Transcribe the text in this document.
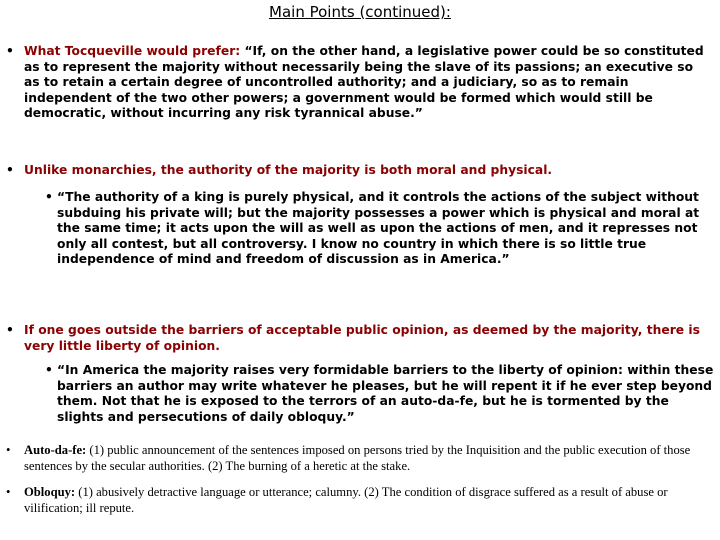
Main Points (continued):
• What Tocqueville would prefer: “If, on the other hand, a legislative power could be so constituted as to represent the majority without necessarily being the slave of its passions; an executive so as to retain a certain degree of uncontrolled authority; and a judiciary, so as to remain independent of the two other powers; a government would be formed which would still be democratic, without incurring any risk tyrannical abuse.”
• Unlike monarchies, the authority of the majority is both moral and physical.
• “The authority of a king is purely physical, and it controls the actions of the subject without subduing his private will; but the majority possesses a power which is physical and moral at the same time; it acts upon the will as well as upon the actions of men, and it represses not only all contest, but all controversy. I know no country in which there is so little true independence of mind and freedom of discussion as in America.”
• If one goes outside the barriers of acceptable public opinion, as deemed by the majority, there is very little liberty of opinion.
• “In America the majority raises very formidable barriers to the liberty of opinion: within these barriers an author may write whatever he pleases, but he will repent it if he ever step beyond them. Not that he is exposed to the terrors of an auto-da-fe, but he is tormented by the slights and persecutions of daily obloquy.”
• Auto-da-fe: (1) public announcement of the sentences imposed on persons tried by the Inquisition and the public execution of those sentences by the secular authorities. (2) The burning of a heretic at the stake.
• Obloquy: (1) abusively detractive language or utterance; calumny. (2) The condition of disgrace suffered as a result of abuse or vilification; ill repute.
